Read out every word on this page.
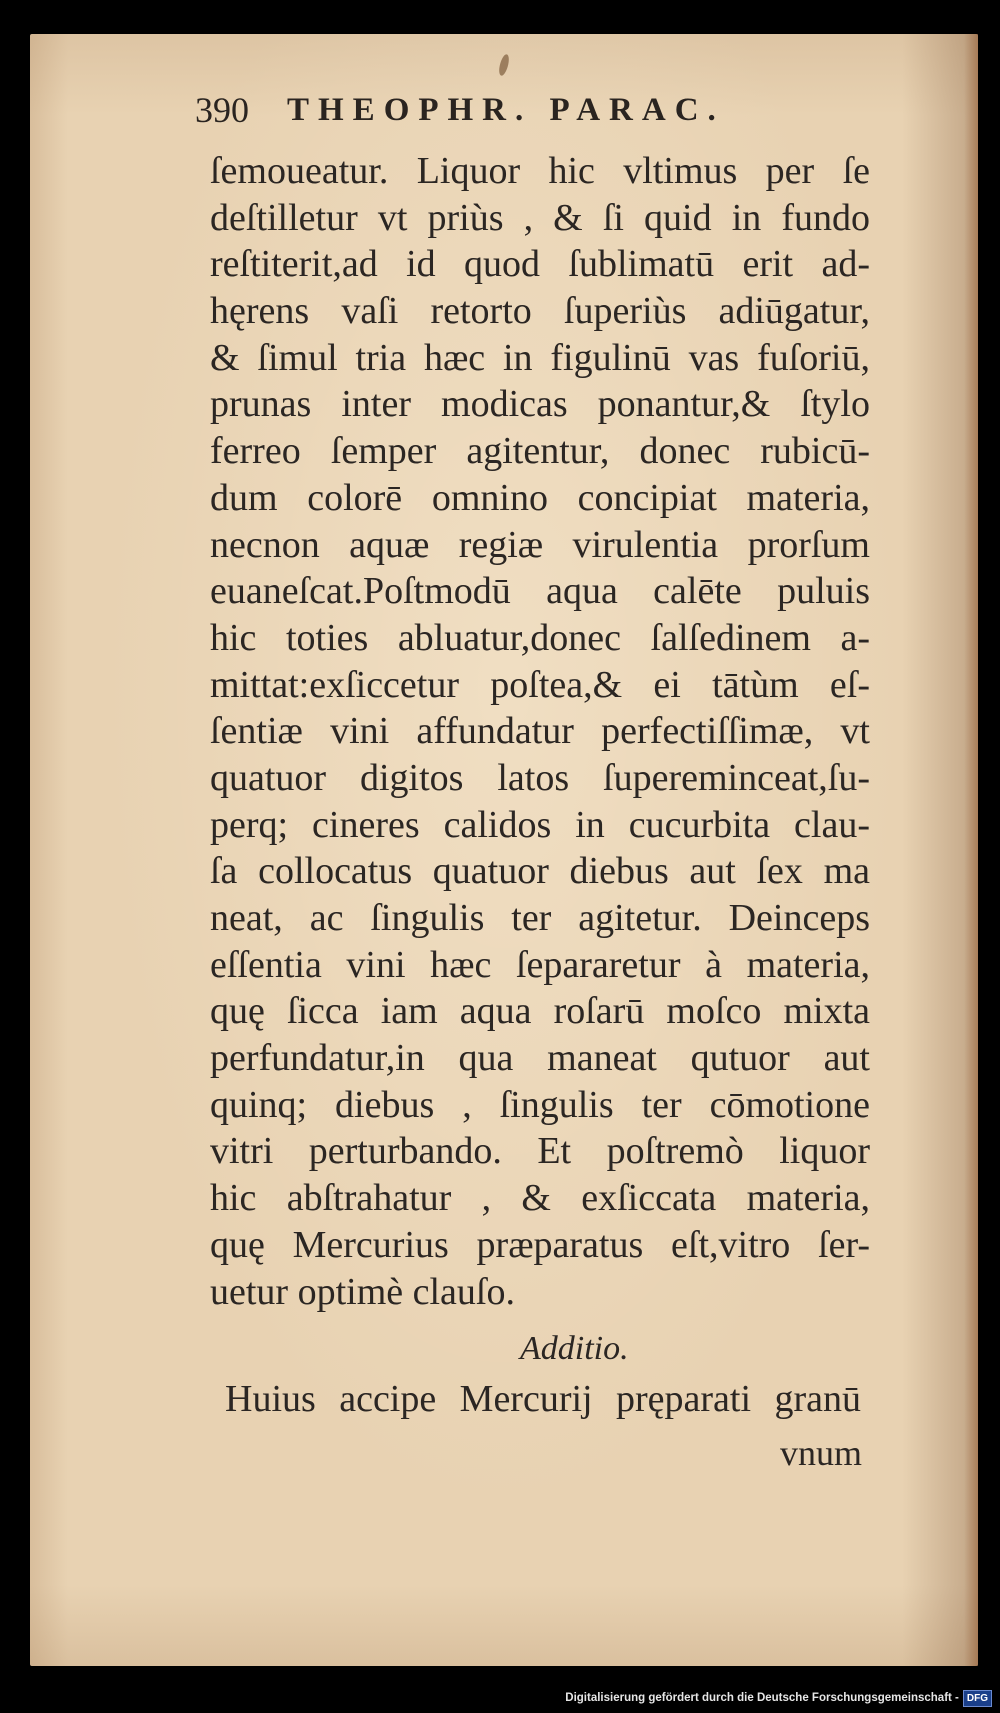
390 THEOPHR. PARAC.
ſemoueatur. Liquor hic vltimus per ſe
deſtilletur vt priùs , & ſi quid in fundo
reſtiterit,ad id quod ſublimatū erit ad-
hęrens vaſi retorto ſuperiùs adiūgatur,
& ſimul tria hæc in figulinū vas fuſoriū,
prunas inter modicas ponantur,& ſtylo
ferreo ſemper agitentur, donec rubicū-
dum colorē omnino concipiat materia,
necnon aquæ regiæ virulentia prorſum
euaneſcat.Poſtmodū aqua calēte puluis
hic toties abluatur,donec ſalſedinem a-
mittat:exſiccetur poſtea,& ei tātùm eſ-
ſentiæ vini affundatur perfectiſſimæ, vt
quatuor digitos latos ſupereminceat,ſu-
perq; cineres calidos in cucurbita clau-
ſa collocatus quatuor diebus aut ſex ma
neat, ac ſingulis ter agitetur. Deinceps
eſſentia vini hæc ſepararetur à materia,
quę ſicca iam aqua roſarū moſco mixta
perfundatur,in qua maneat qutuor aut
quinq; diebus , ſingulis ter cōmotione
vitri perturbando. Et poſtremò liquor
hic abſtrahatur , & exſiccata materia,
quę Mercurius præparatus eſt,vitro ſer-
uetur optimè clauſo.
Additio.
Huius accipe Mercurij pręparati granū
vnum
Digitalisierung gefördert durch die Deutsche Forschungsgemeinschaft - DFG
